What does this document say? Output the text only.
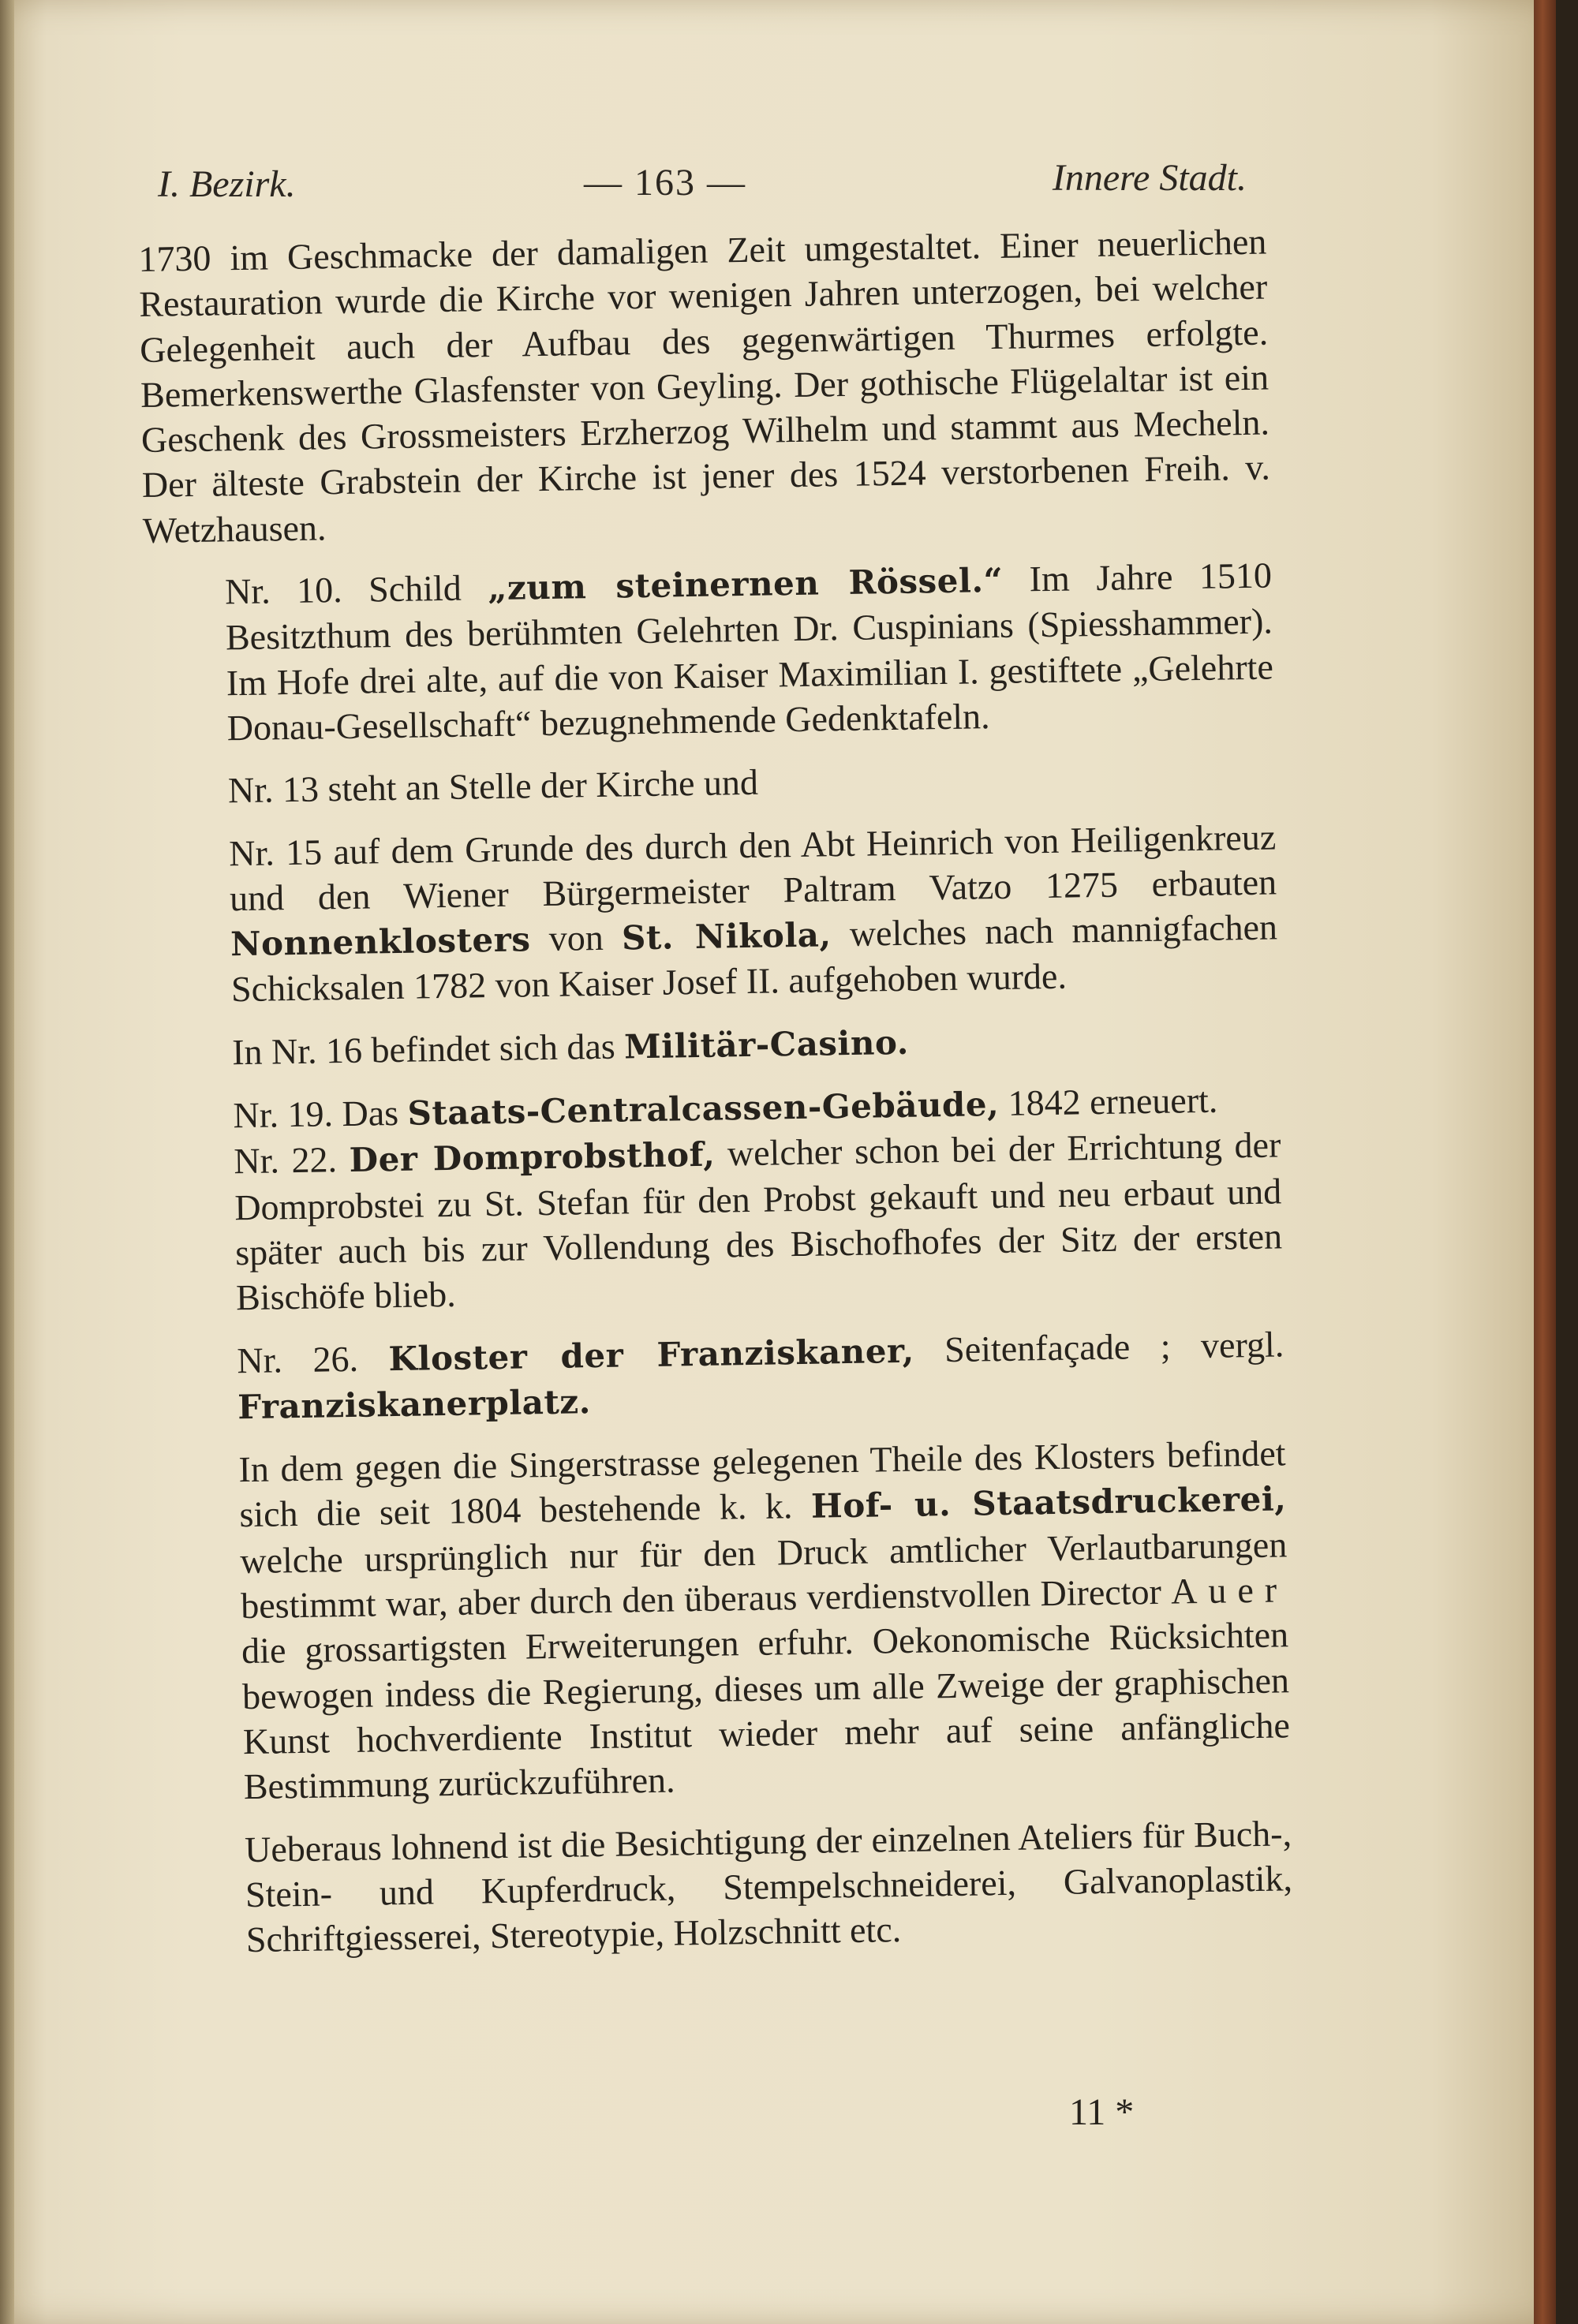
I. Bezirk.	— 163 —	Innere Stadt.

1730 im Geschmacke der damaligen Zeit umgestaltet. Einer neuerlichen Restauration wurde die Kirche vor wenigen Jahren unterzogen, bei welcher Gelegenheit auch der Aufbau des gegenwärtigen Thurmes erfolgte. Bemerkenswerthe Glasfenster von Geyling. Der gothische Flügelaltar ist ein Geschenk des Grossmeisters Erzherzog Wilhelm und stammt aus Mecheln. Der älteste Grabstein der Kirche ist jener des 1524 verstorbenen Freih. v. Wetzhausen.

Nr. 10. Schild „zum steinernen Rössel.“ Im Jahre 1510 Besitzthum des berühmten Gelehrten Dr. Cuspinians (Spiesshammer). Im Hofe drei alte, auf die von Kaiser Maximilian I. gestiftete „Gelehrte Donau-Gesellschaft“ bezugnehmende Gedenktafeln.

Nr. 13 steht an Stelle der Kirche und

Nr. 15 auf dem Grunde des durch den Abt Heinrich von Heiligenkreuz und den Wiener Bürgermeister Paltram Vatzo 1275 erbauten Nonnenklosters von St. Nikola, welches nach mannigfachen Schicksalen 1782 von Kaiser Josef II. aufgehoben wurde.

In Nr. 16 befindet sich das Militär-Casino.

Nr. 19. Das Staats-Centralcassen-Gebäude, 1842 erneuert.

Nr. 22. Der Domprobsthof, welcher schon bei der Errichtung der Domprobstei zu St. Stefan für den Probst gekauft und neu erbaut und später auch bis zur Vollendung des Bischofhofes der Sitz der ersten Bischöfe blieb.

Nr. 26. Kloster der Franziskaner, Seitenfaçade ; vergl. Franziskanerplatz.

In dem gegen die Singerstrasse gelegenen Theile des Klosters befindet sich die seit 1804 bestehende k. k. Hof- u. Staatsdruckerei, welche ursprünglich nur für den Druck amtlicher Verlautbarungen bestimmt war, aber durch den überaus verdienstvollen Director Auer die grossartigsten Erweiterungen erfuhr. Oekonomische Rücksichten bewogen indess die Regierung, dieses um alle Zweige der graphischen Kunst hochverdiente Institut wieder mehr auf seine anfängliche Bestimmung zurückzuführen.

Ueberaus lohnend ist die Besichtigung der einzelnen Ateliers für Buch-, Stein- und Kupferdruck, Stempelschneiderei, Galvanoplastik, Schriftgiesserei, Stereotypie, Holzschnitt etc.

11 *
